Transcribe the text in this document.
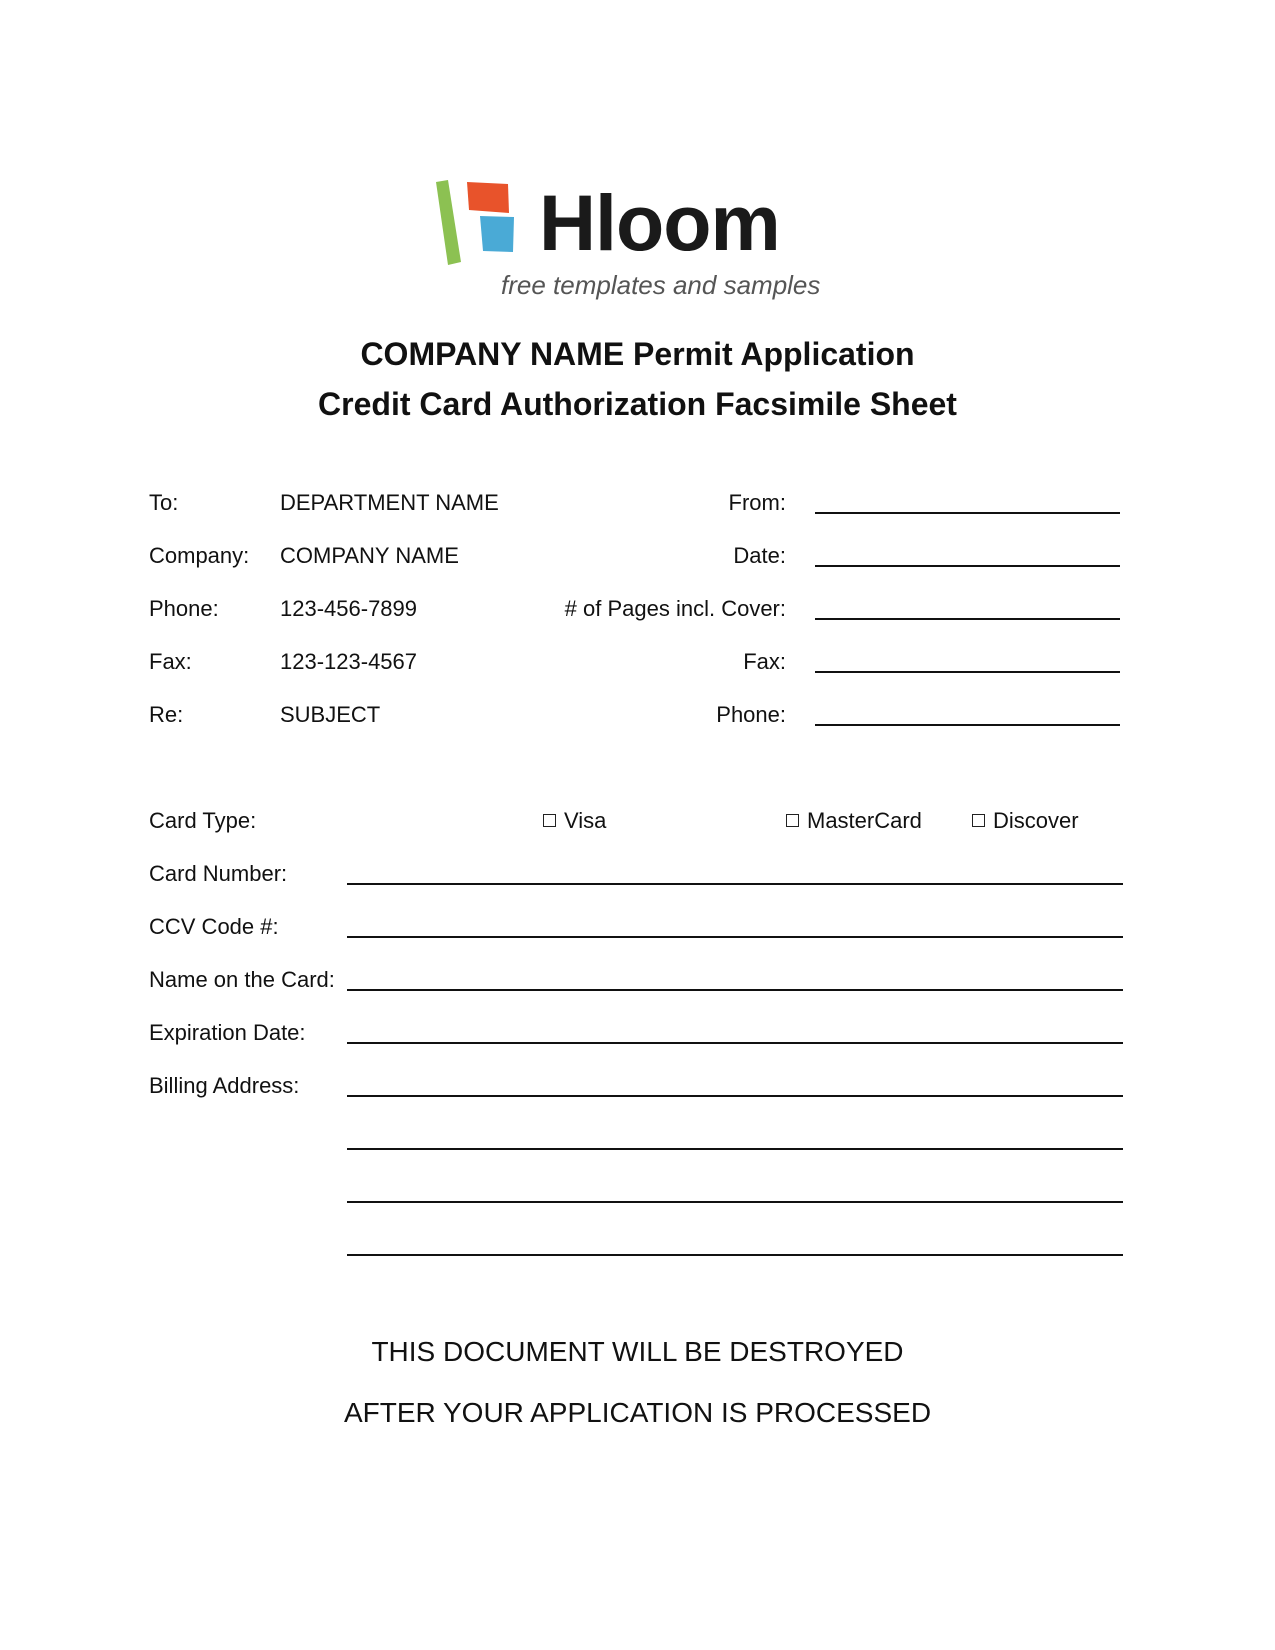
Hloom
free templates and samples
COMPANY NAME Permit Application
Credit Card Authorization Facsimile Sheet
To:	DEPARTMENT NAME
Company: COMPANY NAME
Phone:	123-456-7899
Fax:	123-123-4567
Re:	SUBJECT
From:
Date:
# of Pages incl. Cover:
Fax:
Phone:
Card Type:	Visa	MasterCard	Discover
Card Number:
CCV Code #:
Name on the Card:
Expiration Date:
Billing Address:
THIS DOCUMENT WILL BE DESTROYED
AFTER YOUR APPLICATION IS PROCESSED
